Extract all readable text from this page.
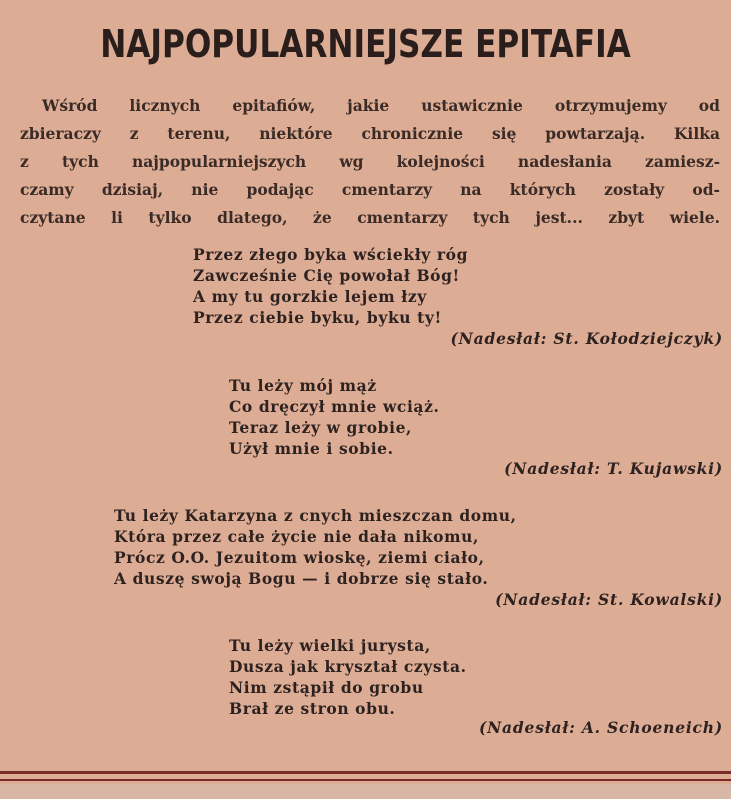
NAJPOPULARNIEJSZE EPITAFIA
Wśród licznych epitafiów, jakie ustawicznie otrzymujemy od
zbieraczy z terenu, niektóre chronicznie się powtarzają. Kilka
z tych najpopularniejszych wg kolejności nadesłania zamiesz-
czamy dzisiaj, nie podając cmentarzy na których zostały od-
czytane li tylko dlatego, że cmentarzy tych jest... zbyt wiele.
Przez złego byka wściekły róg
Zawcześnie Cię powołał Bóg!
A my tu gorzkie lejem łzy
Przez ciebie byku, byku ty!
(Nadesłał: St. Kołodziejczyk)
Tu leży mój mąż
Co dręczył mnie wciąż.
Teraz leży w grobie,
Użył mnie i sobie.
(Nadesłał: T. Kujawski)
Tu leży Katarzyna z cnych mieszczan domu,
Która przez całe życie nie dała nikomu,
Prócz O.O. Jezuitom wioskę, ziemi ciało,
A duszę swoją Bogu — i dobrze się stało.
(Nadesłał: St. Kowalski)
Tu leży wielki jurysta,
Dusza jak kryształ czysta.
Nim zstąpił do grobu
Brał ze stron obu.
(Nadesłał: A. Schoeneich)
